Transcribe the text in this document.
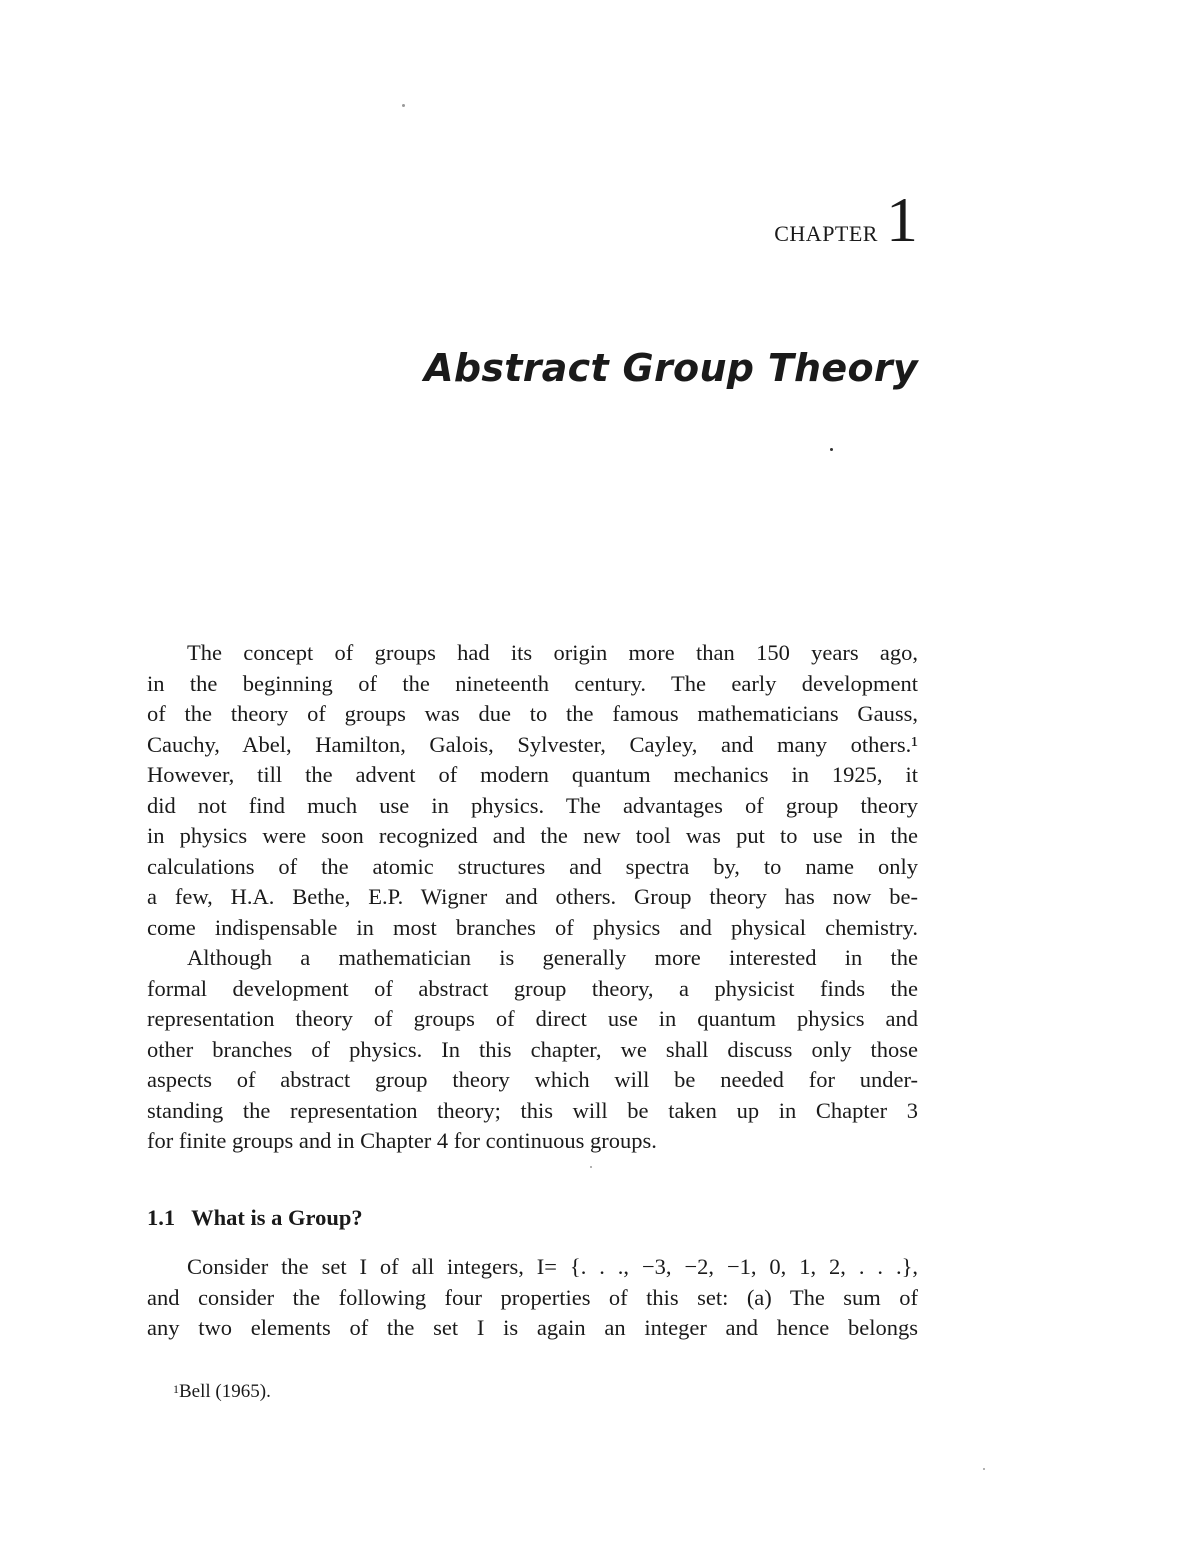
CHAPTER 1
Abstract Group Theory
The concept of groups had its origin more than 150 years ago,
in the beginning of the nineteenth century. The early development
of the theory of groups was due to the famous mathematicians Gauss,
Cauchy, Abel, Hamilton, Galois, Sylvester, Cayley, and many others.¹
However, till the advent of modern quantum mechanics in 1925, it
did not find much use in physics. The advantages of group theory
in physics were soon recognized and the new tool was put to use in the
calculations of the atomic structures and spectra by, to name only
a few, H.A. Bethe, E.P. Wigner and others. Group theory has now be-
come indispensable in most branches of physics and physical chemistry.
Although a mathematician is generally more interested in the
formal development of abstract group theory, a physicist finds the
representation theory of groups of direct use in quantum physics and
other branches of physics. In this chapter, we shall discuss only those
aspects of abstract group theory which will be needed for under-
standing the representation theory; this will be taken up in Chapter 3
for finite groups and in Chapter 4 for continuous groups.
1.1 What is a Group?
Consider the set I of all integers, I= {. . ., −3, −2, −1, 0, 1, 2, . . .},
and consider the following four properties of this set: (a) The sum of
any two elements of the set I is again an integer and hence belongs
$^1$Bell (1965).
